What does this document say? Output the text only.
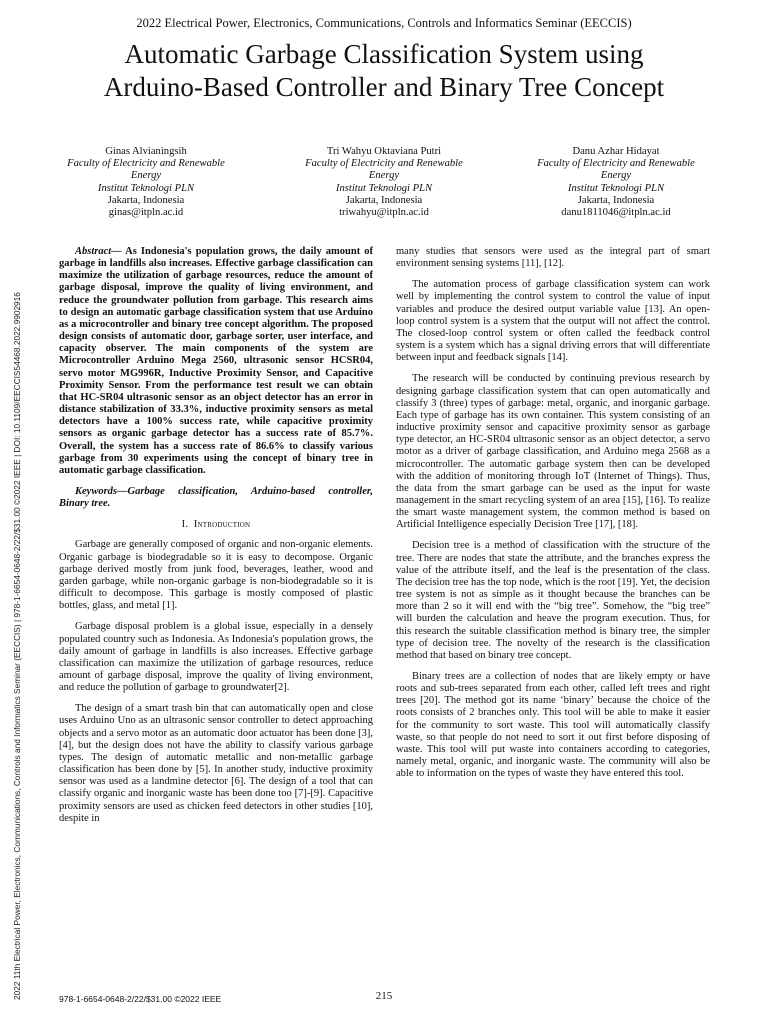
2022 Electrical Power, Electronics, Communications, Controls and Informatics Seminar (EECCIS)
Automatic Garbage Classification System using
Arduino-Based Controller and Binary Tree Concept
Ginas Alvianingsih
Faculty of Electricity and Renewable
Energy
Institut Teknologi PLN
Jakarta, Indonesia
ginas@itpln.ac.id
Tri Wahyu Oktaviana Putri
Faculty of Electricity and Renewable
Energy
Institut Teknologi PLN
Jakarta, Indonesia
triwahyu@itpln.ac.id
Danu Azhar Hidayat
Faculty of Electricity and Renewable
Energy
Institut Teknologi PLN
Jakarta, Indonesia
danu1811046@itpln.ac.id
2022 11th Electrical Power, Electronics, Communications, Controls and Informatics Seminar (EECCIS) | 978-1-6654-0648-2/22/$31.00 ©2022 IEEE | DOI: 10.1109/EECCIS54468.2022.9902916

Abstract— As Indonesia's population grows, the daily amount of garbage in landfills also increases. Effective garbage classification can maximize the utilization of garbage resources, reduce the amount of garbage disposal, improve the quality of living environment, and reduce the groundwater pollution from garbage. This research aims to design an automatic garbage classification system that use Arduino as a microcontroller and binary tree concept algorithm. The proposed design consists of automatic door, garbage sorter, user interface, and capacity observer. The main components of the system are Microcontroller Arduino Mega 2560, ultrasonic sensor HCSR04, servo motor MG996R, Inductive Proximity Sensor, and Capacitive Proximity Sensor. From the performance test result we can obtain that HC-SR04 ultrasonic sensor as an object detector has an error in distance stabilization of 33.3%, inductive proximity sensors as metal detectors have a 100% success rate, while capacitive proximity sensors as organic garbage detector has a success rate of 85.7%. Overall, the system has a success rate of 86.6% to classify various garbage from 30 experiments using the concept of binary tree in automatic garbage classification.

Keywords—Garbage classification, Arduino-based controller, Binary tree.

I. Introduction

Garbage are generally composed of organic and non-organic elements. Organic garbage is biodegradable so it is easy to decompose. Organic garbage derived mostly from junk food, beverages, leather, wood and garden garbage, while non-organic garbage is non-biodegradable so it is difficult to decompose. This garbage is mostly composed of plastic bottles, glass, and metal [1].

Garbage disposal problem is a global issue, especially in a densely populated country such as Indonesia. As Indonesia's population grows, the daily amount of garbage in landfills is also increases. Effective garbage classification can maximize the utilization of garbage resources, reduce amount of garbage disposal, improve the quality of living environment, and reduce the pollution of garbage to groundwater[2].

The design of a smart trash bin that can automatically open and close uses Arduino Uno as an ultrasonic sensor controller to detect approaching objects and a servo motor as an automatic door actuator has been done [3], [4], but the design does not have the ability to classify various garbage types. The design of automatic metallic and non-metallic garbage classification has been done by [5]. In another study, inductive proximity sensor was used as a landmine detector [6]. The design of a tool that can classify organic and inorganic waste has been done too [7]-[9]. Capacitive proximity sensors are used as chicken feed detectors in other studies [10], despite in

many studies that sensors were used as the integral part of smart environment sensing systems [11], [12].

The automation process of garbage classification system can work well by implementing the control system to control the value of input variables and produce the desired output variable value [13]. An open-loop control system is a system that the output will not affect the control. The closed-loop control system or often called the feedback control system is a system which has a signal driving errors that will differentiate between input and feedback signals [14].

The research will be conducted by continuing previous research by designing garbage classification system that can open automatically and classify 3 (three) types of garbage: metal, organic, and inorganic garbage. Each type of garbage has its own container. This system consisting of an inductive proximity sensor and capacitive proximity sensor as garbage type detector, an HC-SR04 ultrasonic sensor as an object detector, a servo motor as a driver of garbage classification, and Arduino mega 2568 as a microcontroller. The automatic garbage system then can be developed with the addition of monitoring through IoT (Internet of Things). Thus, the data from the smart garbage can be used as the input for waste management in the smart recycling system of an area [15], [16]. To realize the smart waste management system, the common method is based on Artificial Intelligence especially Decision Tree [17], [18].

Decision tree is a method of classification with the structure of the tree. There are nodes that state the attribute, and the branches express the value of the attribute itself, and the leaf is the presentation of the class. The decision tree has the top node, which is the root [19]. Yet, the decision tree system is not as simple as it thought because the branches can be more than 2 so it will end with the “big tree”. Somehow, the “big tree” will burden the calculation and heave the program execution. Thus, for this research the suitable classification method is binary tree, the simpler type of decision tree. The novelty of the research is the classification method that based on binary tree concept.

Binary trees are a collection of nodes that are likely empty or have roots and sub-trees separated from each other, called left trees and right trees [20]. The method got its name ‘binary’ because the choice of the roots consists of 2 branches only. This tool will be able to make it easier for the community to sort waste. This tool will automatically classify waste, so that people do not need to sort it out first before disposing of waste. This tool will put waste into containers according to categories, namely metal, organic, and inorganic waste. The community will also be able to information on the types of waste they have entered this tool.

978-1-6654-0648-2/22/$31.00 ©2022 IEEE	215
